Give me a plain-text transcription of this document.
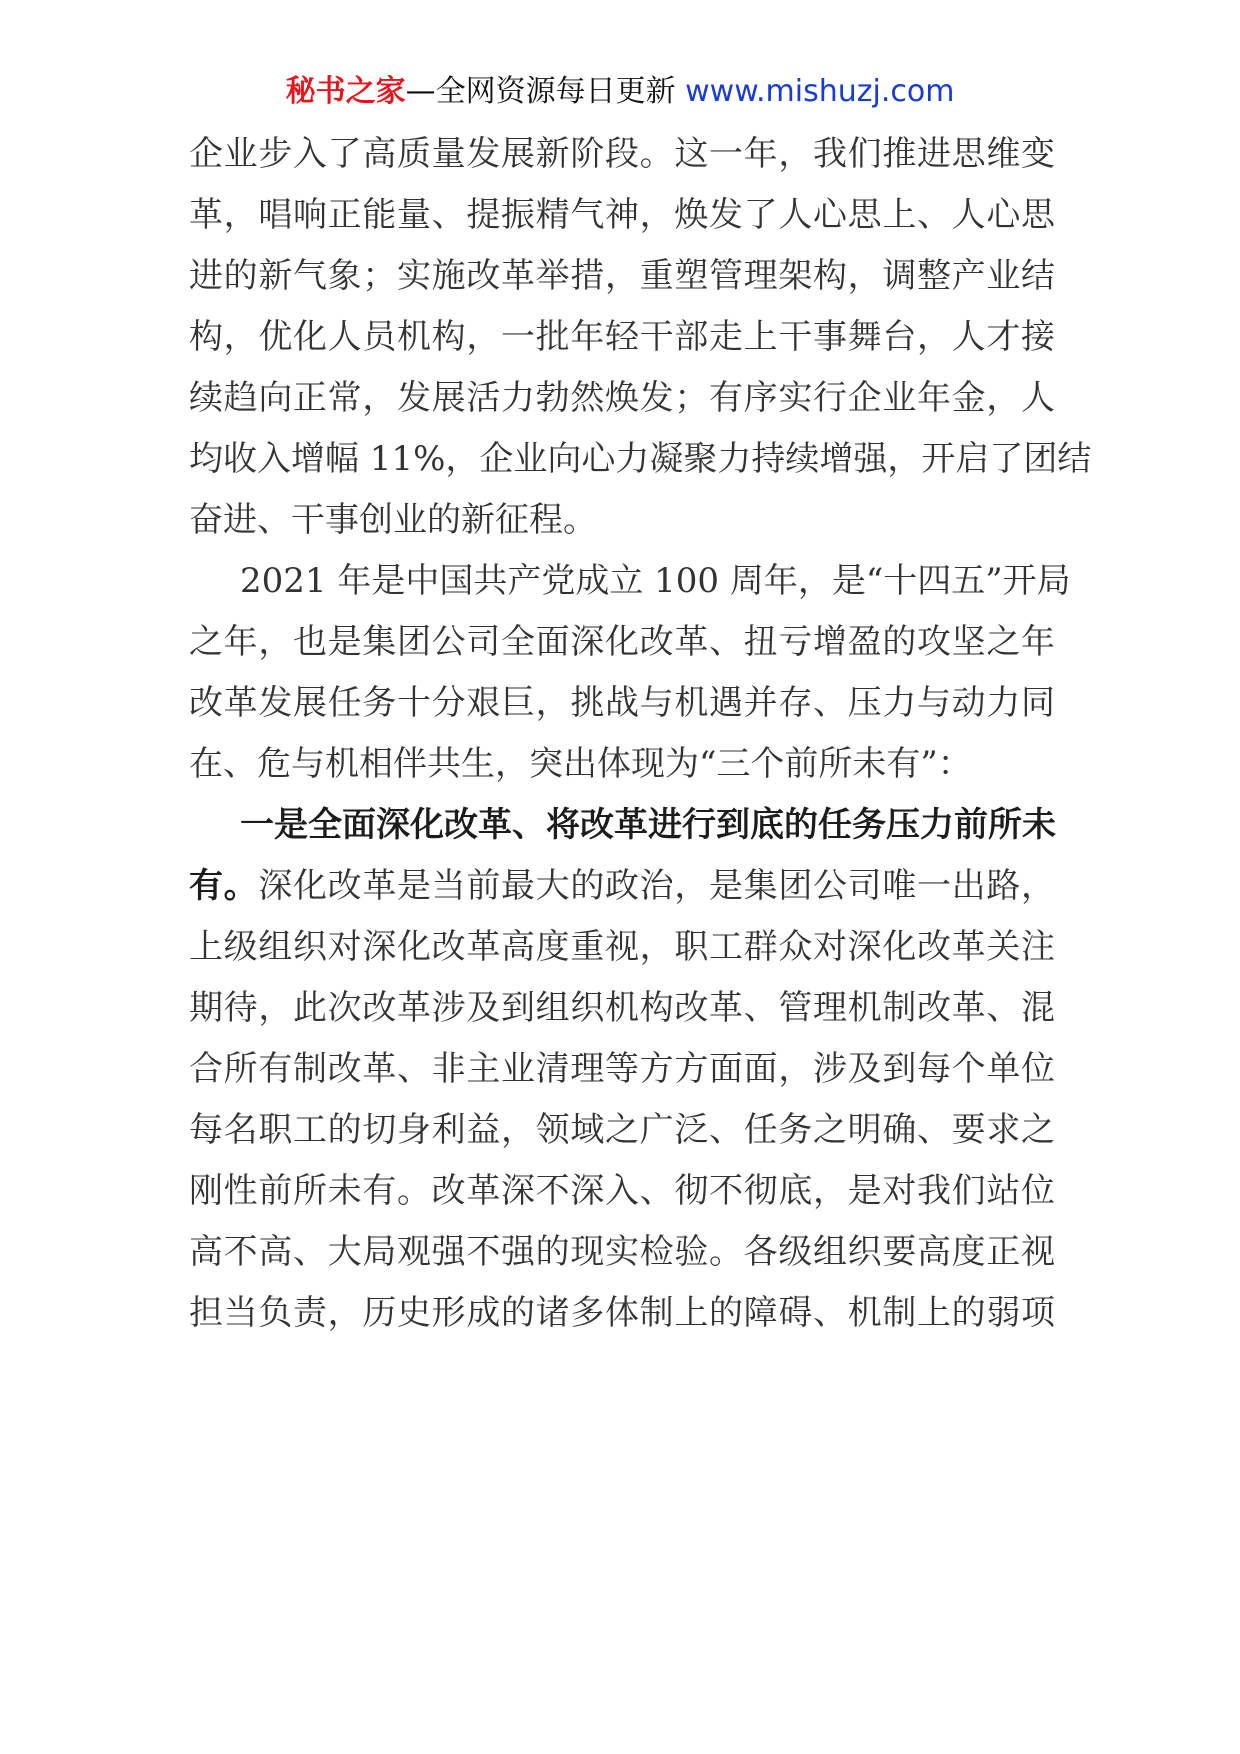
秘书之家—全网资源每日更新 www.mishuzj.com
企业步入了高质量发展新阶段。这一年，我们推进思维变
革，唱响正能量、提振精气神，焕发了人心思上、人心思
进的新气象；实施改革举措，重塑管理架构，调整产业结
构，优化人员机构，一批年轻干部走上干事舞台，人才接
续趋向正常，发展活力勃然焕发；有序实行企业年金，人
均收入增幅 11%，企业向心力凝聚力持续增强，开启了团结
奋进、干事创业的新征程。
2021 年是中国共产党成立 100 周年，是“十四五”开局
之年，也是集团公司全面深化改革、扭亏增盈的攻坚之年
改革发展任务十分艰巨，挑战与机遇并存、压力与动力同
在、危与机相伴共生，突出体现为“三个前所未有”：
一是全面深化改革、将改革进行到底的任务压力前所未
有。深化改革是当前最大的政治，是集团公司唯一出路，
上级组织对深化改革高度重视，职工群众对深化改革关注
期待，此次改革涉及到组织机构改革、管理机制改革、混
合所有制改革、非主业清理等方方面面，涉及到每个单位
每名职工的切身利益，领域之广泛、任务之明确、要求之
刚性前所未有。改革深不深入、彻不彻底，是对我们站位
高不高、大局观强不强的现实检验。各级组织要高度正视
担当负责，历史形成的诸多体制上的障碍、机制上的弱项
